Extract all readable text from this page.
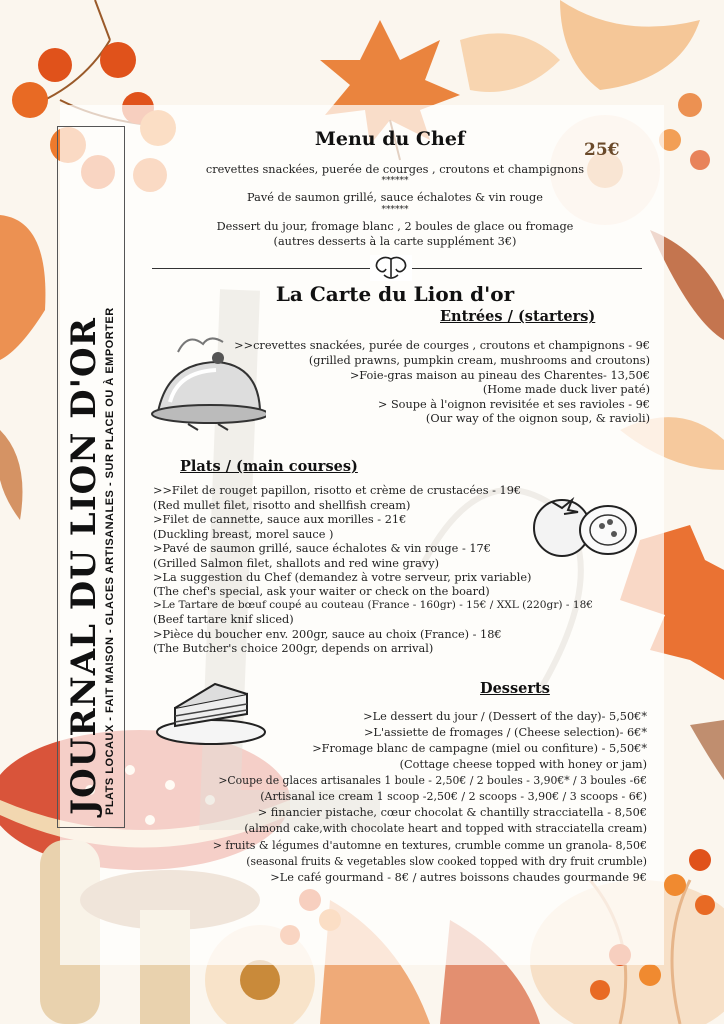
JOURNAL DU LION D'OR PLATS LOCAUX - FAIT MAISON - GLACES ARTISANALES - SUR PLACE OU À EMPORTER
Menu du Chef	25€
crevettes snackées, puerée de courges , croutons et champignons
******
Pavé de saumon grillé, sauce échalotes & vin rouge
******
Dessert du jour, fromage blanc , 2 boules de glace ou fromage
(autres desserts à la carte supplément 3€)
La Carte du Lion d'or
Entrées / (starters)
>>crevettes snackées, purée de courges , croutons et champignons - 9€
(grilled prawns, pumpkin cream, mushrooms and croutons)
>Foie-gras maison au pineau des Charentes- 13,50€
(Home made duck liver paté)
> Soupe à l'oignon revisitée et ses ravioles - 9€
(Our way of the oignon soup, & ravioli)
Plats / (main courses)
>>Filet de rouget papillon, risotto et crème de crustacées - 19€
(Red mullet filet, risotto and shellfish cream)
>Filet de cannette, sauce aux morilles - 21€
(Duckling breast, morel sauce )
>Pavé de saumon grillé, sauce échalotes & vin rouge - 17€
(Grilled Salmon filet, shallots and red wine gravy)
>La suggestion du Chef (demandez à votre serveur, prix variable)
(The chef's special, ask your waiter or check on the board)
>Le Tartare de bœuf coupé au couteau (France - 160gr) - 15€ / XXL (220gr) - 18€
(Beef tartare knif sliced)
>Pièce du boucher env. 200gr, sauce au choix (France) - 18€
(The Butcher's choice 200gr, depends on arrival)
Desserts
>Le dessert du jour / (Dessert of the day)- 5,50€*
>L'assiette de fromages / (Cheese selection)- 6€*
>Fromage blanc de campagne (miel ou confiture) - 5,50€*
(Cottage cheese topped with honey or jam)
>Coupe de glaces artisanales 1 boule - 2,50€ / 2 boules - 3,90€* / 3 boules -6€
(Artisanal ice cream 1 scoop -2,50€ / 2 scoops - 3,90€ / 3 scoops - 6€)
> financier pistache, cœur chocolat & chantilly stracciatella - 8,50€
(almond cake,with chocolate heart and topped with stracciatella cream)
> fruits & légumes d'automne en textures, crumble comme un granola- 8,50€
(seasonal fruits & vegetables slow cooked topped with dry fruit crumble)
>Le café gourmand - 8€ / autres boissons chaudes gourmande 9€
